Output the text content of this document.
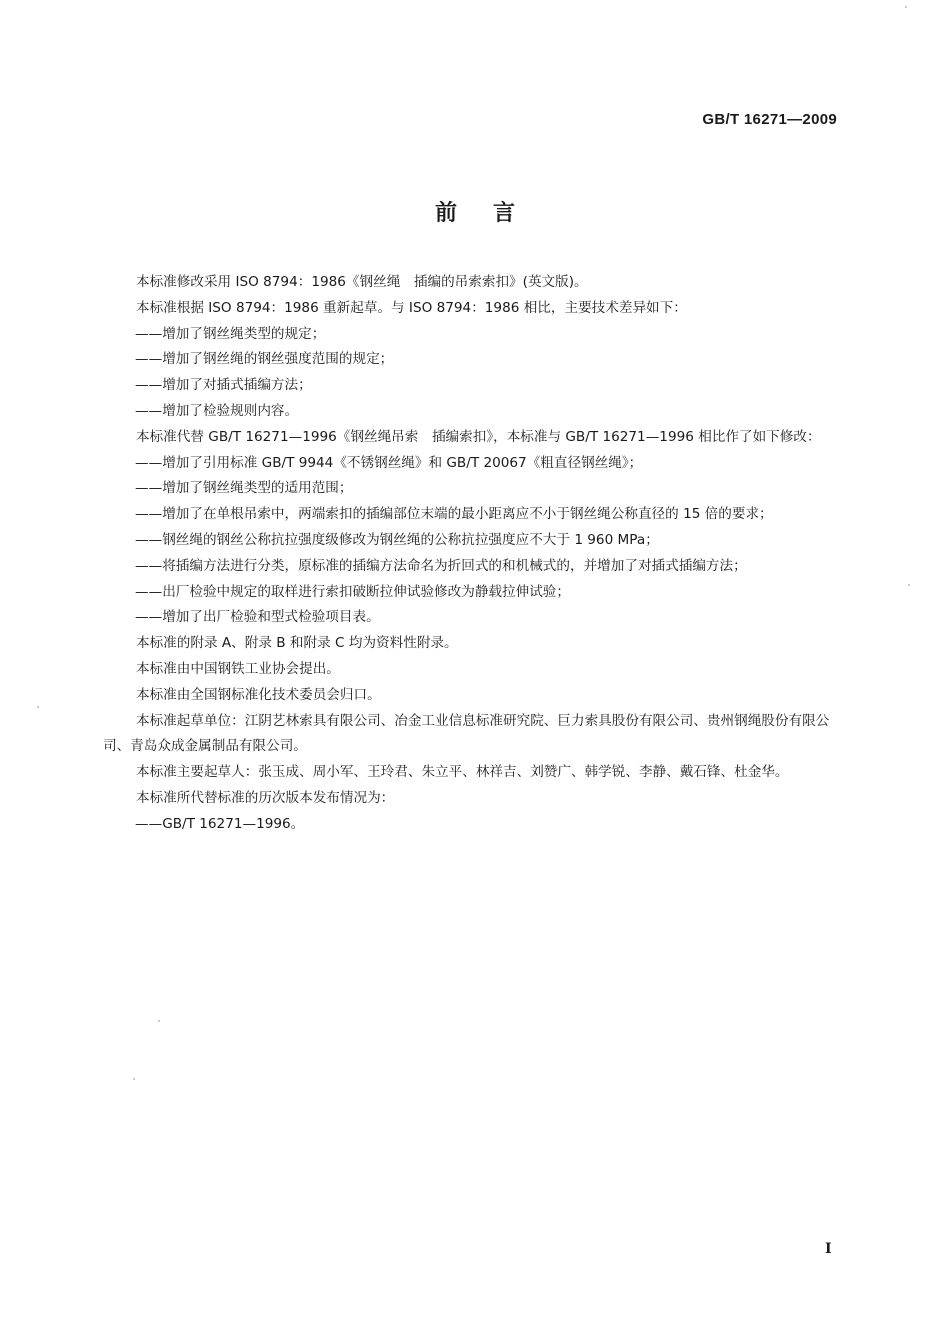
GB/T 16271—2009
前言

本标准修改采用 ISO 8794：1986《钢丝绳　插编的吊索索扣》(英文版)。

本标准根据 ISO 8794：1986 重新起草。与 ISO 8794：1986 相比，主要技术差异如下：

——增加了钢丝绳类型的规定；

——增加了钢丝绳的钢丝强度范围的规定；

——增加了对插式插编方法；

——增加了检验规则内容。

本标准代替 GB/T 16271—1996《钢丝绳吊索　插编索扣》，本标准与 GB/T 16271—1996 相比作了如下修改：

——增加了引用标准 GB/T 9944《不锈钢丝绳》和 GB/T 20067《粗直径钢丝绳》；

——增加了钢丝绳类型的适用范围；

——增加了在单根吊索中，两端索扣的插编部位末端的最小距离应不小于钢丝绳公称直径的 15 倍的要求；

——钢丝绳的钢丝公称抗拉强度级修改为钢丝绳的公称抗拉强度应不大于 1 960 MPa；

——将插编方法进行分类，原标准的插编方法命名为折回式的和机械式的，并增加了对插式插编方法；

——出厂检验中规定的取样进行索扣破断拉伸试验修改为静载拉伸试验；

——增加了出厂检验和型式检验项目表。

本标准的附录 A、附录 B 和附录 C 均为资料性附录。

本标准由中国钢铁工业协会提出。

本标准由全国钢标准化技术委员会归口。

本标准起草单位：江阴艺林索具有限公司、冶金工业信息标准研究院、巨力索具股份有限公司、贵州钢绳股份有限公司、青岛众成金属制品有限公司。

本标准主要起草人：张玉成、周小军、王玲君、朱立平、林祥吉、刘赞广、韩学锐、李静、戴石锋、杜金华。

本标准所代替标准的历次版本发布情况为：

——GB/T 16271—1996。

I
